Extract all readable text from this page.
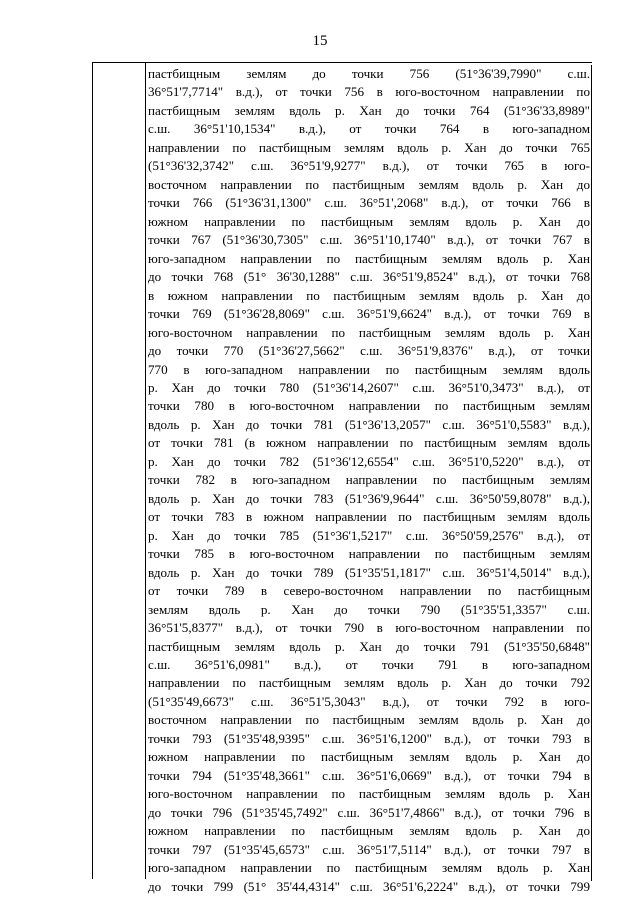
15
пастбищным землям до точки 756 (51°36'39,7990" с.ш.
36°51'7,7714" в.д.), от точки 756 в юго-восточном направлении по
пастбищным землям вдоль р. Хан до точки 764 (51°36'33,8989"
с.ш. 36°51'10,1534" в.д.), от точки 764 в юго-западном
направлении по пастбищным землям вдоль р. Хан до точки 765
(51°36'32,3742" с.ш. 36°51'9,9277" в.д.), от точки 765 в юго-
восточном направлении по пастбищным землям вдоль р. Хан до
точки 766 (51°36'31,1300" с.ш. 36°51',2068" в.д.), от точки 766 в
южном направлении по пастбищным землям вдоль р. Хан до
точки 767 (51°36'30,7305" с.ш. 36°51'10,1740" в.д.), от точки 767 в
юго-западном направлении по пастбищным землям вдоль р. Хан
до точки 768 (51° 36'30,1288" с.ш. 36°51'9,8524" в.д.), от точки 768
в южном направлении по пастбищным землям вдоль р. Хан до
точки 769 (51°36'28,8069" с.ш. 36°51'9,6624" в.д.), от точки 769 в
юго-восточном направлении по пастбищным землям вдоль р. Хан
до точки 770 (51°36'27,5662" с.ш. 36°51'9,8376" в.д.), от точки
770 в юго-западном направлении по пастбищным землям вдоль
р. Хан до точки 780 (51°36'14,2607" с.ш. 36°51'0,3473" в.д.), от
точки 780 в юго-восточном направлении по пастбищным землям
вдоль р. Хан до точки 781 (51°36'13,2057" с.ш. 36°51'0,5583" в.д.),
от точки 781 (в южном направлении по пастбищным землям вдоль
р. Хан до точки 782 (51°36'12,6554" с.ш. 36°51'0,5220" в.д.), от
точки 782 в юго-западном направлении по пастбищным землям
вдоль р. Хан до точки 783 (51°36'9,9644" с.ш. 36°50'59,8078" в.д.),
от точки 783 в южном направлении по пастбищным землям вдоль
р. Хан до точки 785 (51°36'1,5217" с.ш. 36°50'59,2576" в.д.), от
точки 785 в юго-восточном направлении по пастбищным землям
вдоль р. Хан до точки 789 (51°35'51,1817" с.ш. 36°51'4,5014" в.д.),
от точки 789 в северо-восточном направлении по пастбищным
землям вдоль р. Хан до точки 790 (51°35'51,3357" с.ш.
36°51'5,8377" в.д.), от точки 790 в юго-восточном направлении по
пастбищным землям вдоль р. Хан до точки 791 (51°35'50,6848"
с.ш. 36°51'6,0981" в.д.), от точки 791 в юго-западном
направлении по пастбищным землям вдоль р. Хан до точки 792
(51°35'49,6673" с.ш. 36°51'5,3043" в.д.), от точки 792 в юго-
восточном направлении по пастбищным землям вдоль р. Хан до
точки 793 (51°35'48,9395" с.ш. 36°51'6,1200" в.д.), от точки 793 в
южном направлении по пастбищным землям вдоль р. Хан до
точки 794 (51°35'48,3661" с.ш. 36°51'6,0669" в.д.), от точки 794 в
юго-восточном направлении по пастбищным землям вдоль р. Хан
до точки 796 (51°35'45,7492" с.ш. 36°51'7,4866" в.д.), от точки 796 в
южном направлении по пастбищным землям вдоль р. Хан до
точки 797 (51°35'45,6573" с.ш. 36°51'7,5114" в.д.), от точки 797 в
юго-западном направлении по пастбищным землям вдоль р. Хан
до точки 799 (51° 35'44,4314" с.ш. 36°51'6,2224" в.д.), от точки 799
